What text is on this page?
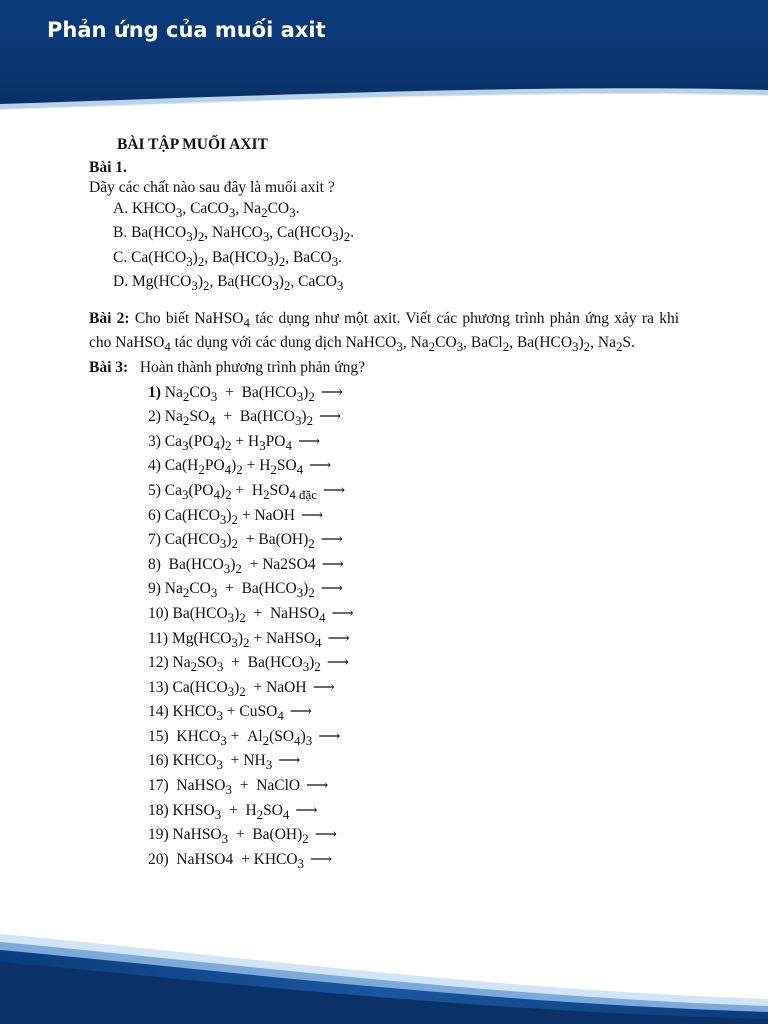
Phản ứng của muối axit
BÀI TẬP MUỐI AXIT
Bài 1.
Dãy các chất nào sau đây là muối axit ?
A. $KHCO_3$, CaCO$_3$, $Na_2CO_3$.
B. $Ba(HCO_3)_2$, NaHCO$_3$, $Ca(HCO_3)_2$.
C. $Ca(HCO_3)_2$, $Ba(HCO_3)_2$, BaCO$_3$.
D. $Mg(HCO_3)_2$, $Ba(HCO_3)_2$, CaCO$_3$
Bài 2: Cho biết NaHSO$_4$ tác dụng như một axit. Viết các phương trình phản ứng xảy ra khi cho NaHSO$_4$ tác dụng với các dung dịch NaHCO$_3$, $Na_2CO_3$, BaCl$_2$, $Ba(HCO_3)_2$, $Na_2S$.
Bài 3: Hoàn thành phương trình phản ứng?
1) $Na_2CO_3 + Ba(HCO_3)_2$ ⟶
2) $Na_2SO_4 + Ba(HCO_3)_2$ ⟶
3) $Ca_3(PO_4)_2 + H_3PO_4$ ⟶
4) $Ca(H_2PO_4)_2 + H_2SO_4$ ⟶
5) $Ca_3(PO_4)_2 + H_2SO_{4 đặc}$ ⟶
6) $Ca(HCO_3)_2$ + NaOH ⟶
7) $Ca(HCO_3)_2 + Ba(OH)_2$ ⟶
8)  $Ba(HCO_3)_2 + Na2SO4$ ⟶
9) $Na_2CO_3 + Ba(HCO_3)_2$ ⟶
10) $Ba(HCO_3)_2$  +  NaHSO$_4$ ⟶
11) $Mg(HCO_3)_2$ + NaHSO$_4$ ⟶
12) $Na_2SO_3 + Ba(HCO_3)_2$ ⟶
13) $Ca(HCO_3)_2$  + NaOH ⟶
14) $KHCO_3$ + CuSO$_4$ ⟶
15)  $KHCO_3 + Al_2(SO_4)_3$ ⟶
16) $KHCO_3 + NH_3$ ⟶
17)  NaHSO$_3$  +  NaClO ⟶
18) $KHSO_3 + H_2SO_4$ ⟶
19) NaHSO$_3$  +  $Ba(OH)_2$ ⟶
20)  NaHSO4  + $KHCO_3$ ⟶
